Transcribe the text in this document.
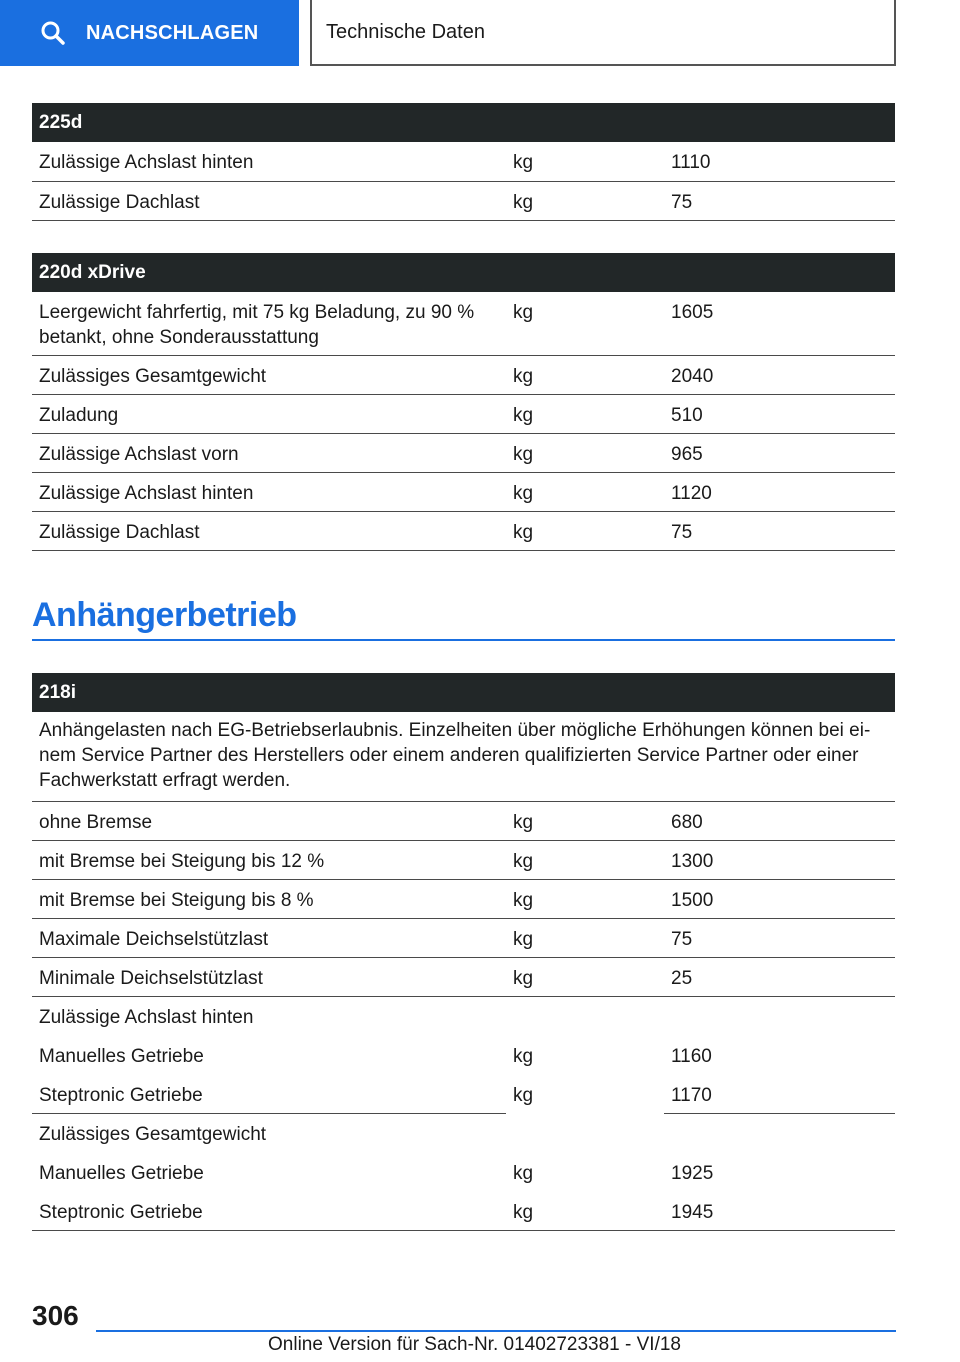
NACHSCHLAGEN	Technische Daten
225d		
Zulässige Achslast hinten	kg	1110
Zulässige Dachlast	kg	75
220d xDrive		
Leergewicht fahrfertig, mit 75 kg Beladung, zu 90 % betankt, ohne Sonderausstattung	kg	1605
Zulässiges Gesamtgewicht	kg	2040
Zuladung	kg	510
Zulässige Achslast vorn	kg	965
Zulässige Achslast hinten	kg	1120
Zulässige Dachlast	kg	75
Anhängerbetrieb
218i		
Anhängelasten nach EG-Betriebserlaubnis. Einzelheiten über mögliche Erhöhungen können bei ei-nem Service Partner des Herstellers oder einem anderen qualifizierten Service Partner oder einer Fachwerkstatt erfragt werden.		
ohne Bremse	kg	680
mit Bremse bei Steigung bis 12 %	kg	1300
mit Bremse bei Steigung bis 8 %	kg	1500
Maximale Deichselstützlast	kg	75
Minimale Deichselstützlast	kg	25
Zulässige Achslast hinten		
Manuelles Getriebe	kg	1160
Steptronic Getriebe	kg	1170
Zulässiges Gesamtgewicht		
Manuelles Getriebe	kg	1925
Steptronic Getriebe	kg	1945
306
Online Version für Sach-Nr. 01402723381 - VI/18
